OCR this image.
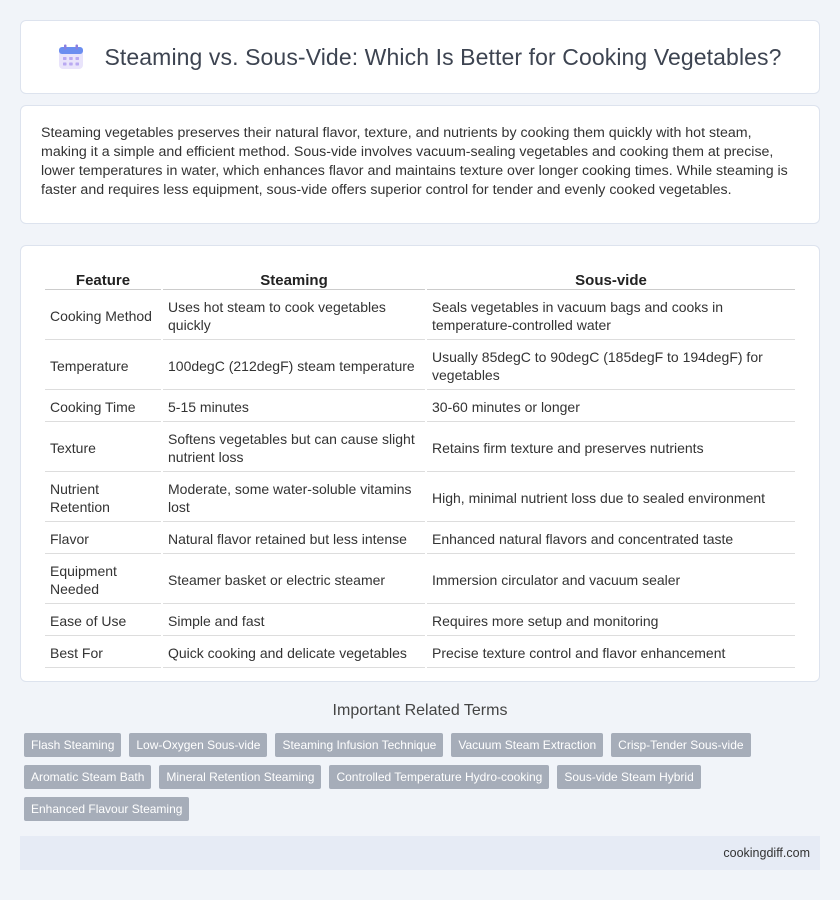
Steaming vs. Sous-Vide: Which Is Better for Cooking Vegetables?

Steaming vegetables preserves their natural flavor, texture, and nutrients by cooking them quickly with hot steam, making it a simple and efficient method. Sous-vide involves vacuum-sealing vegetables and cooking them at precise, lower temperatures in water, which enhances flavor and maintains texture over longer cooking times. While steaming is faster and requires less equipment, sous-vide offers superior control for tender and evenly cooked vegetables.

Feature	Steaming	Sous-vide
Cooking Method	Uses hot steam to cook vegetables quickly	Seals vegetables in vacuum bags and cooks in temperature-controlled water
Temperature	100degC (212degF) steam temperature	Usually 85degC to 90degC (185degF to 194degF) for vegetables
Cooking Time	5-15 minutes	30-60 minutes or longer
Texture	Softens vegetables but can cause slight nutrient loss	Retains firm texture and preserves nutrients
Nutrient Retention	Moderate, some water-soluble vitamins lost	High, minimal nutrient loss due to sealed environment
Flavor	Natural flavor retained but less intense	Enhanced natural flavors and concentrated taste
Equipment Needed	Steamer basket or electric steamer	Immersion circulator and vacuum sealer
Ease of Use	Simple and fast	Requires more setup and monitoring
Best For	Quick cooking and delicate vegetables	Precise texture control and flavor enhancement
Important Related Terms
Flash Steaming	Low-Oxygen Sous-vide	Steaming Infusion Technique	Vacuum Steam Extraction	Crisp-Tender Sous-vide
Aromatic Steam Bath	Mineral Retention Steaming	Controlled Temperature Hydro-cooking	Sous-vide Steam Hybrid
Enhanced Flavour Steaming
cookingdiff.com
